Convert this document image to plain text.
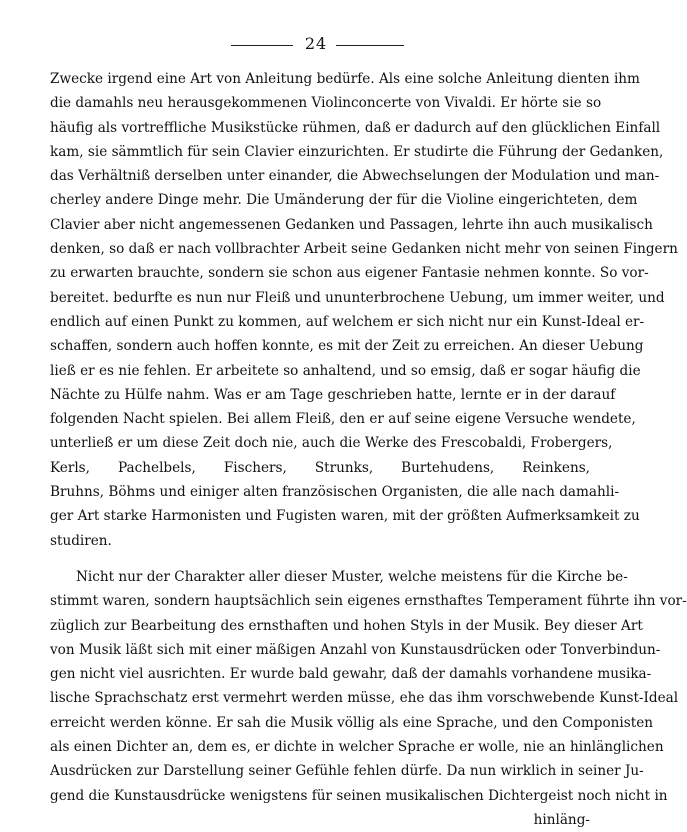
24
Zwecke irgend eine Art von Anleitung bedürfe. Als eine solche Anleitung dienten ihm
die damahls neu herausgekommenen Violinconcerte von Vivaldi. Er hörte sie so
häufig als vortreffliche Musikstücke rühmen, daß er dadurch auf den glücklichen Einfall
kam, sie sämmtlich für sein Clavier einzurichten. Er studirte die Führung der Gedanken,
das Verhältniß derselben unter einander, die Abwechselungen der Modulation und man-
cherley andere Dinge mehr. Die Umänderung der für die Violine eingerichteten, dem
Clavier aber nicht angemessenen Gedanken und Passagen, lehrte ihn auch musikalisch
denken, so daß er nach vollbrachter Arbeit seine Gedanken nicht mehr von seinen Fingern
zu erwarten brauchte, sondern sie schon aus eigener Fantasie nehmen konnte. So vor-
bereitet. bedurfte es nun nur Fleiß und ununterbrochene Uebung, um immer weiter, und
endlich auf einen Punkt zu kommen, auf welchem er sich nicht nur ein Kunst-Ideal er-
schaffen, sondern auch hoffen konnte, es mit der Zeit zu erreichen. An dieser Uebung
ließ er es nie fehlen. Er arbeitete so anhaltend, und so emsig, daß er sogar häufig die
Nächte zu Hülfe nahm. Was er am Tage geschrieben hatte, lernte er in der darauf
folgenden Nacht spielen. Bei allem Fleiß, den er auf seine eigene Versuche wendete,
unterließ er um diese Zeit doch nie, auch die Werke des Frescobaldi, Frobergers,
Kerls, Pachelbels, Fischers, Strunks, Burtehudens, Reinkens,
Bruhns, Böhms und einiger alten französischen Organisten, die alle nach damahli-
ger Art starke Harmonisten und Fugisten waren, mit der größten Aufmerksamkeit zu
studiren.
Nicht nur der Charakter aller dieser Muster, welche meistens für die Kirche be-
stimmt waren, sondern hauptsächlich sein eigenes ernsthaftes Temperament führte ihn vor-
züglich zur Bearbeitung des ernsthaften und hohen Styls in der Musik. Bey dieser Art
von Musik läßt sich mit einer mäßigen Anzahl von Kunstausdrücken oder Tonverbindun-
gen nicht viel ausrichten. Er wurde bald gewahr, daß der damahls vorhandene musika-
lische Sprachschatz erst vermehrt werden müsse, ehe das ihm vorschwebende Kunst-Ideal
erreicht werden könne. Er sah die Musik völlig als eine Sprache, und den Componisten
als einen Dichter an, dem es, er dichte in welcher Sprache er wolle, nie an hinlänglichen
Ausdrücken zur Darstellung seiner Gefühle fehlen dürfe. Da nun wirklich in seiner Ju-
gend die Kunstausdrücke wenigstens für seinen musikalischen Dichtergeist noch nicht in
hinläng-
